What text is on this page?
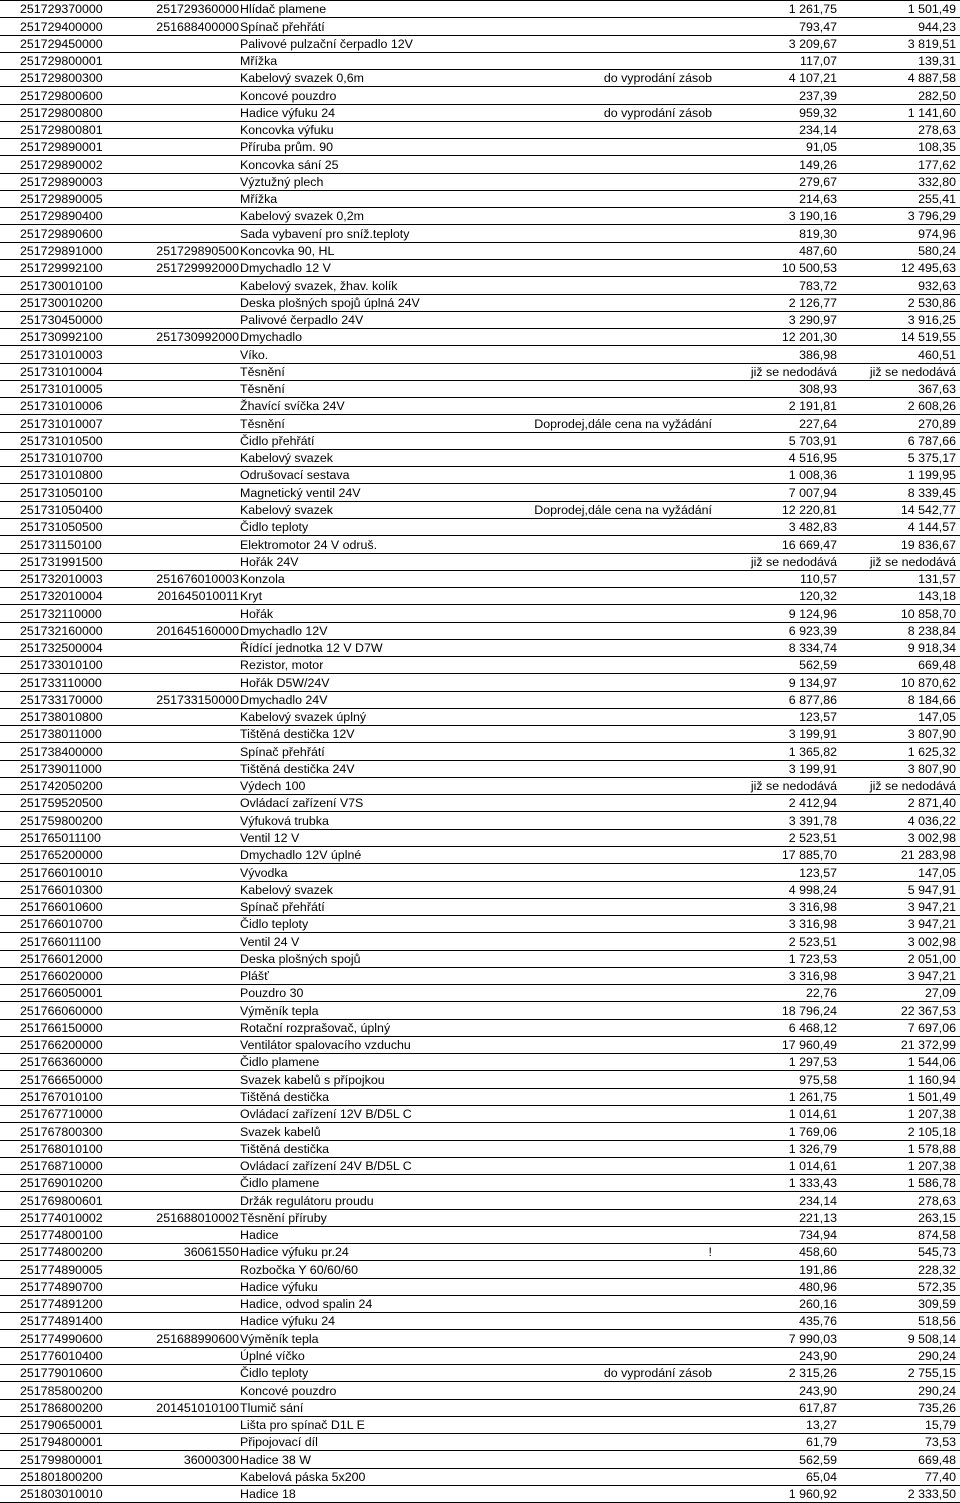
251729370000	251729360000	Hlídač plamene		1 261,75	1 501,49
251729400000	251688400000	Spínač přehřátí		793,47	944,23
251729450000		Palivové pulzační čerpadlo 12V		3 209,67	3 819,51
251729800001		Mřížka		117,07	139,31
251729800300		Kabelový svazek 0,6m	do vyprodání zásob	4 107,21	4 887,58
251729800600		Koncové pouzdro		237,39	282,50
251729800800		Hadice výfuku 24	do vyprodání zásob	959,32	1 141,60
251729800801		Koncovka výfuku		234,14	278,63
251729890001		Příruba prům. 90		91,05	108,35
251729890002		Koncovka sání 25		149,26	177,62
251729890003		Výztužný plech		279,67	332,80
251729890005		Mřížka		214,63	255,41
251729890400		Kabelový svazek 0,2m		3 190,16	3 796,29
251729890600		Sada vybavení pro sníž.teploty		819,30	974,96
251729891000	251729890500	Koncovka 90, HL		487,60	580,24
251729992100	251729992000	Dmychadlo 12 V		10 500,53	12 495,63
251730010100		Kabelový svazek, žhav. kolík		783,72	932,63
251730010200		Deska plošných spojů úplná 24V		2 126,77	2 530,86
251730450000		Palivové čerpadlo 24V		3 290,97	3 916,25
251730992100	251730992000	Dmychadlo		12 201,30	14 519,55
251731010003		Víko.		386,98	460,51
251731010004		Těsnění		již se nedodává	již se nedodává
251731010005		Těsnění		308,93	367,63
251731010006		Žhavící svíčka 24V		2 191,81	2 608,26
251731010007		Těsnění	Doprodej,dále cena na vyžádání	227,64	270,89
251731010500		Čidlo přehřátí		5 703,91	6 787,66
251731010700		Kabelový svazek		4 516,95	5 375,17
251731010800		Odrušovací sestava		1 008,36	1 199,95
251731050100		Magnetický ventil 24V		7 007,94	8 339,45
251731050400		Kabelový svazek	Doprodej,dále cena na vyžádání	12 220,81	14 542,77
251731050500		Čidlo teploty		3 482,83	4 144,57
251731150100		Elektromotor 24 V odruš.		16 669,47	19 836,67
251731991500		Hořák 24V		již se nedodává	již se nedodává
251732010003	251676010003	Konzola		110,57	131,57
251732010004	201645010011	Kryt		120,32	143,18
251732110000		Hořák		9 124,96	10 858,70
251732160000	201645160000	Dmychadlo 12V		6 923,39	8 238,84
251732500004		Řídící jednotka 12 V D7W		8 334,74	9 918,34
251733010100		Rezistor, motor		562,59	669,48
251733110000		Hořák D5W/24V		9 134,97	10 870,62
251733170000	251733150000	Dmychadlo 24V		6 877,86	8 184,66
251738010800		Kabelový svazek úplný		123,57	147,05
251738011000		Tištěná destička 12V		3 199,91	3 807,90
251738400000		Spínač přehřátí		1 365,82	1 625,32
251739011000		Tištěná destička 24V		3 199,91	3 807,90
251742050200		Výdech 100		již se nedodává	již se nedodává
251759520500		Ovládací zařízení V7S		2 412,94	2 871,40
251759800200		Výfuková trubka		3 391,78	4 036,22
251765011100		Ventil 12 V		2 523,51	3 002,98
251765200000		Dmychadlo 12V úplné		17 885,70	21 283,98
251766010010		Vývodka		123,57	147,05
251766010300		Kabelový svazek		4 998,24	5 947,91
251766010600		Spínač přehřátí		3 316,98	3 947,21
251766010700		Čidlo teploty		3 316,98	3 947,21
251766011100		Ventil 24 V		2 523,51	3 002,98
251766012000		Deska plošných spojů		1 723,53	2 051,00
251766020000		Plášť		3 316,98	3 947,21
251766050001		Pouzdro 30		22,76	27,09
251766060000		Výměník tepla		18 796,24	22 367,53
251766150000		Rotační rozprašovač, úplný		6 468,12	7 697,06
251766200000		Ventilátor spalovacího vzduchu		17 960,49	21 372,99
251766360000		Čidlo plamene		1 297,53	1 544,06
251766650000		Svazek kabelů s přípojkou		975,58	1 160,94
251767010100		Tištěná destička		1 261,75	1 501,49
251767710000		Ovládací zařízení 12V B/D5L C		1 014,61	1 207,38
251767800300		Svazek kabelů		1 769,06	2 105,18
251768010100		Tištěná destička		1 326,79	1 578,88
251768710000		Ovládací zařízení 24V B/D5L C		1 014,61	1 207,38
251769010200		Čidlo plamene		1 333,43	1 586,78
251769800601		Držák regulátoru proudu		234,14	278,63
251774010002	251688010002	Těsnění příruby		221,13	263,15
251774800100		Hadice		734,94	874,58
251774800200	36061550	Hadice výfuku pr.24	!	458,60	545,73
251774890005		Rozbočka Y 60/60/60		191,86	228,32
251774890700		Hadice výfuku		480,96	572,35
251774891200		Hadice, odvod spalin 24		260,16	309,59
251774891400		Hadice výfuku 24		435,76	518,56
251774990600	251688990600	Výměník tepla		7 990,03	9 508,14
251776010400		Úplné víčko		243,90	290,24
251779010600		Čidlo teploty	do vyprodání zásob	2 315,26	2 755,15
251785800200		Koncové pouzdro		243,90	290,24
251786800200	201451010100	Tlumič sání		617,87	735,26
251790650001		Lišta pro spínač D1L E		13,27	15,79
251794800001		Připojovací díl		61,79	73,53
251799800001	36000300	Hadice 38 W		562,59	669,48
251801800200		Kabelová páska 5x200		65,04	77,40
251803010010		Hadice 18		1 960,92	2 333,50
